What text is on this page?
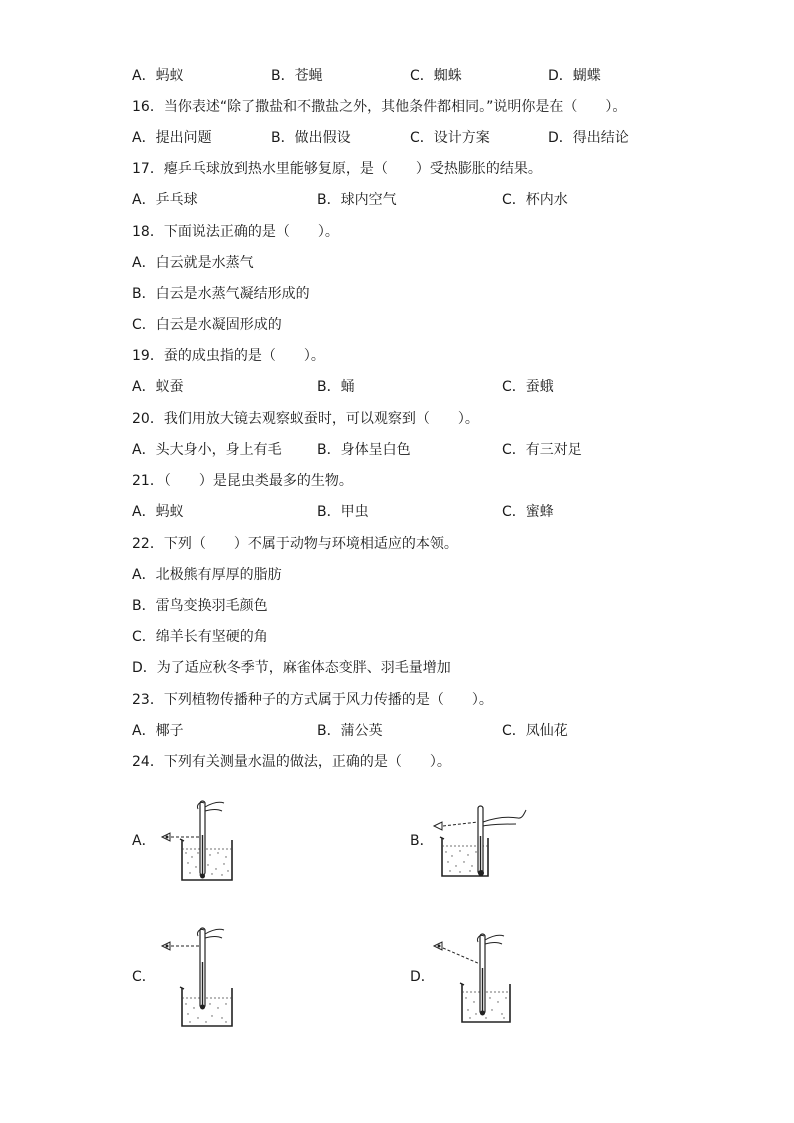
A．蚂蚁	B．苍蝇	C．蜘蛛	D．蝴蝶
16．当你表述“除了撒盐和不撒盐之外，其他条件都相同。”说明你是在（　　）。
A．提出问题	B．做出假设	C．设计方案	D．得出结论
17．瘪乒乓球放到热水里能够复原，是（　　）受热膨胀的结果。
A．乒乓球	B．球内空气	C．杯内水
18．下面说法正确的是（　　）。
A．白云就是水蒸气
B．白云是水蒸气凝结形成的
C．白云是水凝固形成的
19．蚕的成虫指的是（　　）。
A．蚁蚕	B．蛹	C．蚕蛾
20．我们用放大镜去观察蚁蚕时，可以观察到（　　）。
A．头大身小，身上有毛	B．身体呈白色	C．有三对足
21．（　　）是昆虫类最多的生物。
A．蚂蚁	B．甲虫	C．蜜蜂
22．下列（　　）不属于动物与环境相适应的本领。
A．北极熊有厚厚的脂肪
B．雷鸟变换羽毛颜色
C．绵羊长有坚硬的角
D．为了适应秋冬季节，麻雀体态变胖、羽毛量增加
23．下列植物传播种子的方式属于风力传播的是（　　）。
A．椰子	B．蒲公英	C．凤仙花
24．下列有关测量水温的做法，正确的是（　　）。
A．	B．
C．	D．
